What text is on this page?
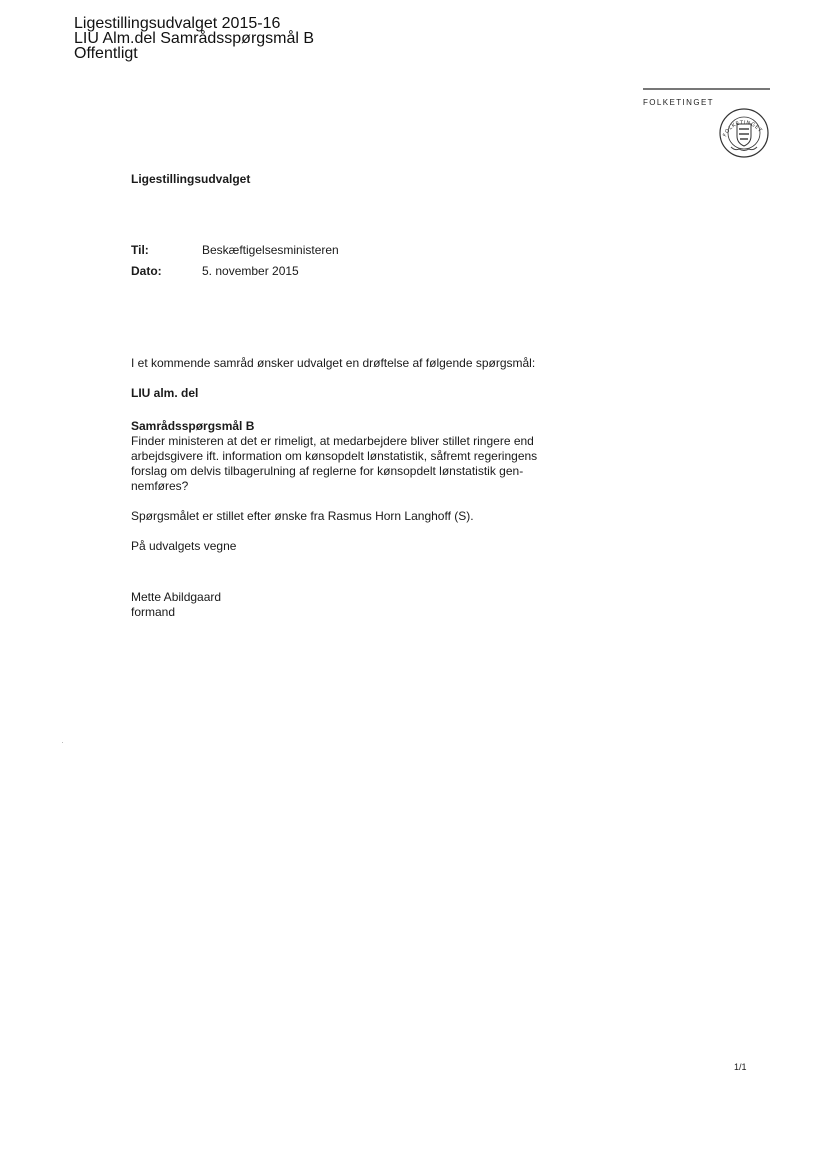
Ligestillingsudvalget 2015-16
LIU Alm.del Samrådsspørgsmål B
Offentligt
FOLKETINGET
FOLKETINGET
Ligestillingsudvalget
Til:	Beskæftigelsesministeren
Dato:	5. november 2015

I et kommende samråd ønsker udvalget en drøftelse af følgende spørgsmål:

LIU alm. del

Samrådsspørgsmål B

Finder ministeren at det er rimeligt, at medarbejdere bliver stillet ringere end

arbejdsgivere ift. information om kønsopdelt lønstatistik, såfremt regeringens

forslag om delvis tilbagerulning af reglerne for kønsopdelt lønstatistik gen-

nemføres?

Spørgsmålet er stillet efter ønske fra Rasmus Horn Langhoff (S).

På udvalgets vegne

Mette Abildgaard

formand

1/1
